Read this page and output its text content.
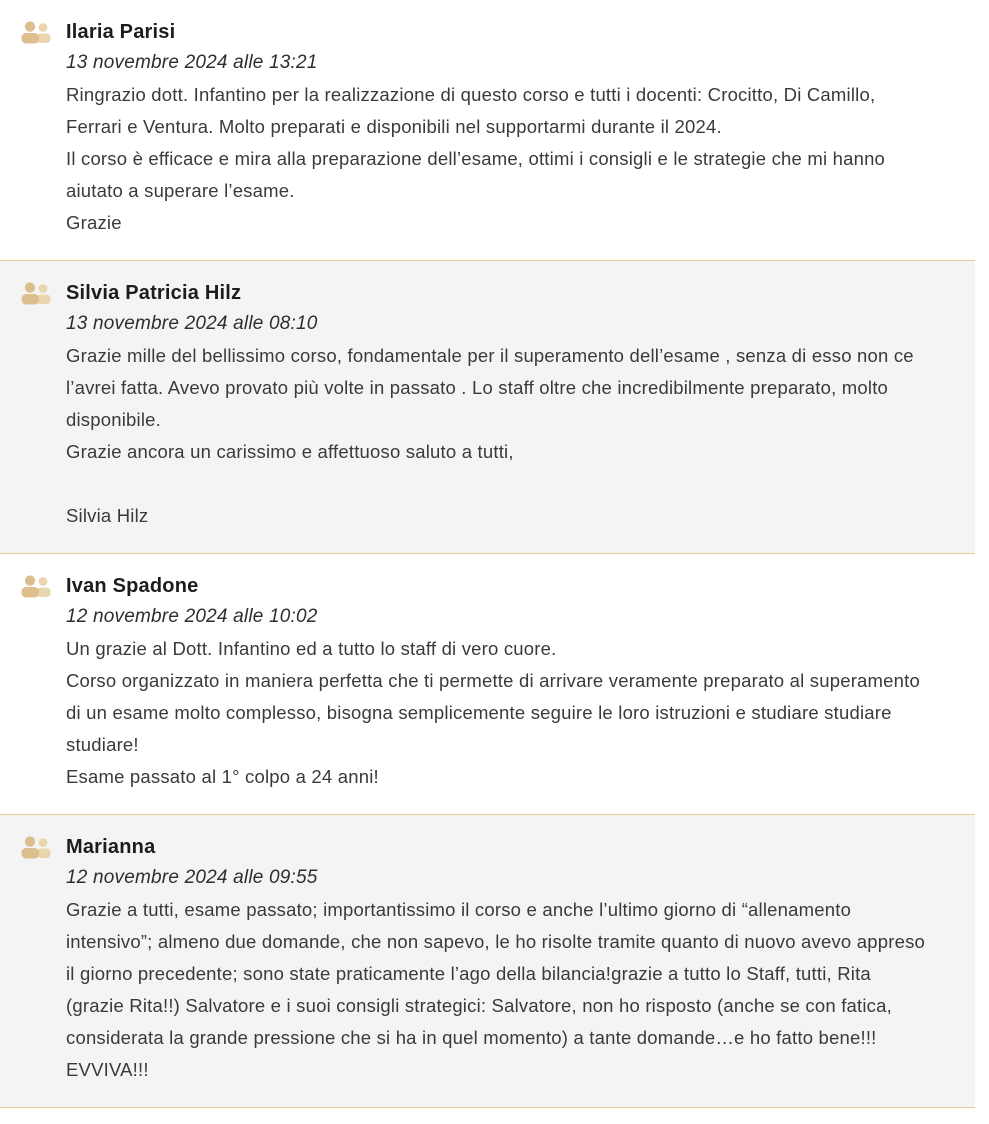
Ilaria Parisi
13 novembre 2024 alle 13:21
Ringrazio dott. Infantino per la realizzazione di questo corso e tutti i docenti: Crocitto, Di Camillo, Ferrari e Ventura. Molto preparati e disponibili nel supportarmi durante il 2024.
Il corso è efficace e mira alla preparazione dell’esame, ottimi i consigli e le strategie che mi hanno aiutato a superare l’esame.
Grazie
Silvia Patricia Hilz
13 novembre 2024 alle 08:10
Grazie mille del bellissimo corso, fondamentale per il superamento dell’esame , senza di esso non ce l’avrei fatta. Avevo provato più volte in passato . Lo staff oltre che incredibilmente preparato, molto disponibile.
Grazie ancora un carissimo e affettuoso saluto a tutti,
Silvia Hilz
Ivan Spadone
12 novembre 2024 alle 10:02
Un grazie al Dott. Infantino ed a tutto lo staff di vero cuore.
Corso organizzato in maniera perfetta che ti permette di arrivare veramente preparato al superamento di un esame molto complesso, bisogna semplicemente seguire le loro istruzioni e studiare studiare studiare!
Esame passato al 1° colpo a 24 anni!
Marianna
12 novembre 2024 alle 09:55
Grazie a tutti, esame passato; importantissimo il corso e anche l’ultimo giorno di “allenamento intensivo”; almeno due domande, che non sapevo, le ho risolte tramite quanto di nuovo avevo appreso il giorno precedente; sono state praticamente l’ago della bilancia!grazie a tutto lo Staff, tutti, Rita (grazie Rita!!) Salvatore e i suoi consigli strategici: Salvatore, non ho risposto (anche se con fatica, considerata la grande pressione che si ha in quel momento) a tante domande…e ho fatto bene!!! EVVIVA!!!
